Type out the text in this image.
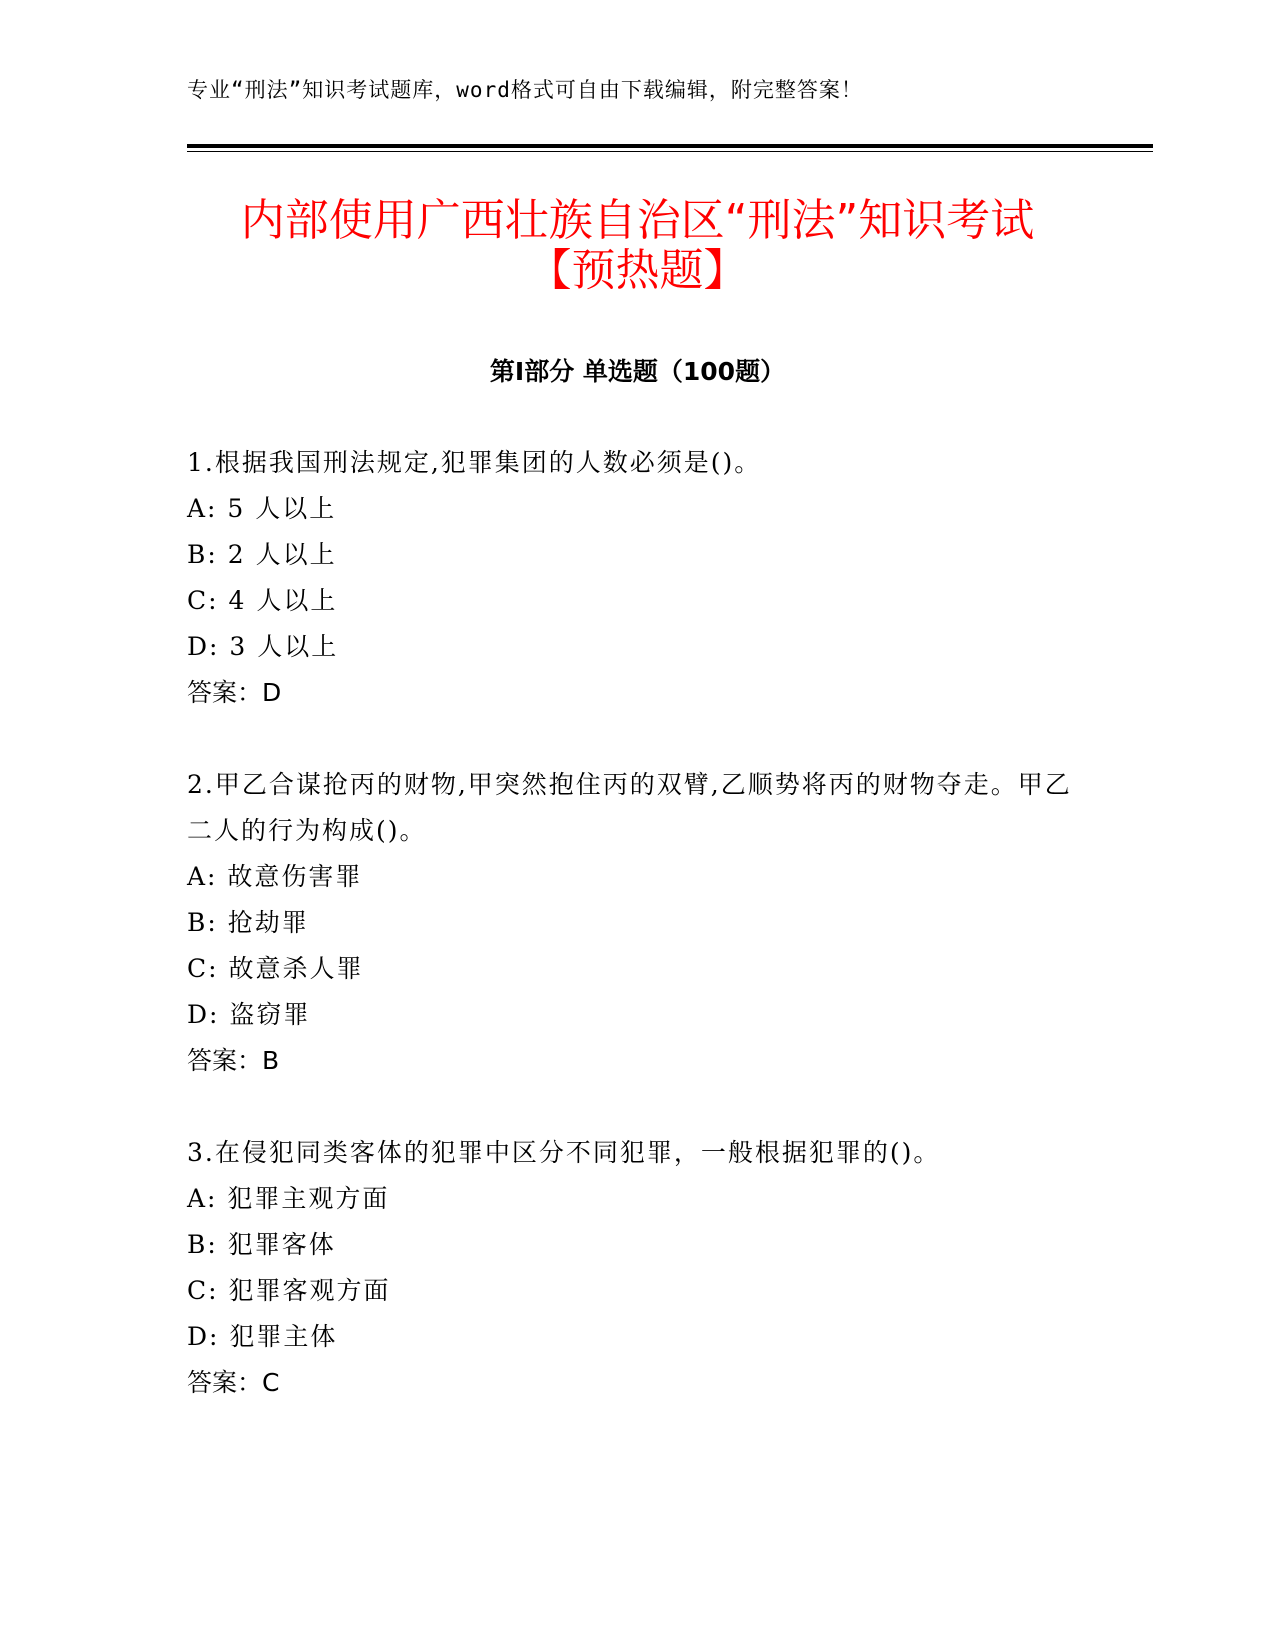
专业“刑法”知识考试题库，word格式可自由下载编辑，附完整答案！
内部使用广西壮族自治区“刑法”知识考试
【预热题】
第Ⅰ部分 单选题（100题）
1.根据我国刑法规定,犯罪集团的人数必须是()。
A: 5 人以上
B: 2 人以上
C: 4 人以上
D: 3 人以上
答案：D
2.甲乙合谋抢丙的财物,甲突然抱住丙的双臂,乙顺势将丙的财物夺走。甲乙二人的行为构成()。
A: 故意伤害罪
B: 抢劫罪
C: 故意杀人罪
D: 盗窃罪
答案：B
3.在侵犯同类客体的犯罪中区分不同犯罪，一般根据犯罪的()。
A: 犯罪主观方面
B: 犯罪客体
C: 犯罪客观方面
D: 犯罪主体
答案：C
